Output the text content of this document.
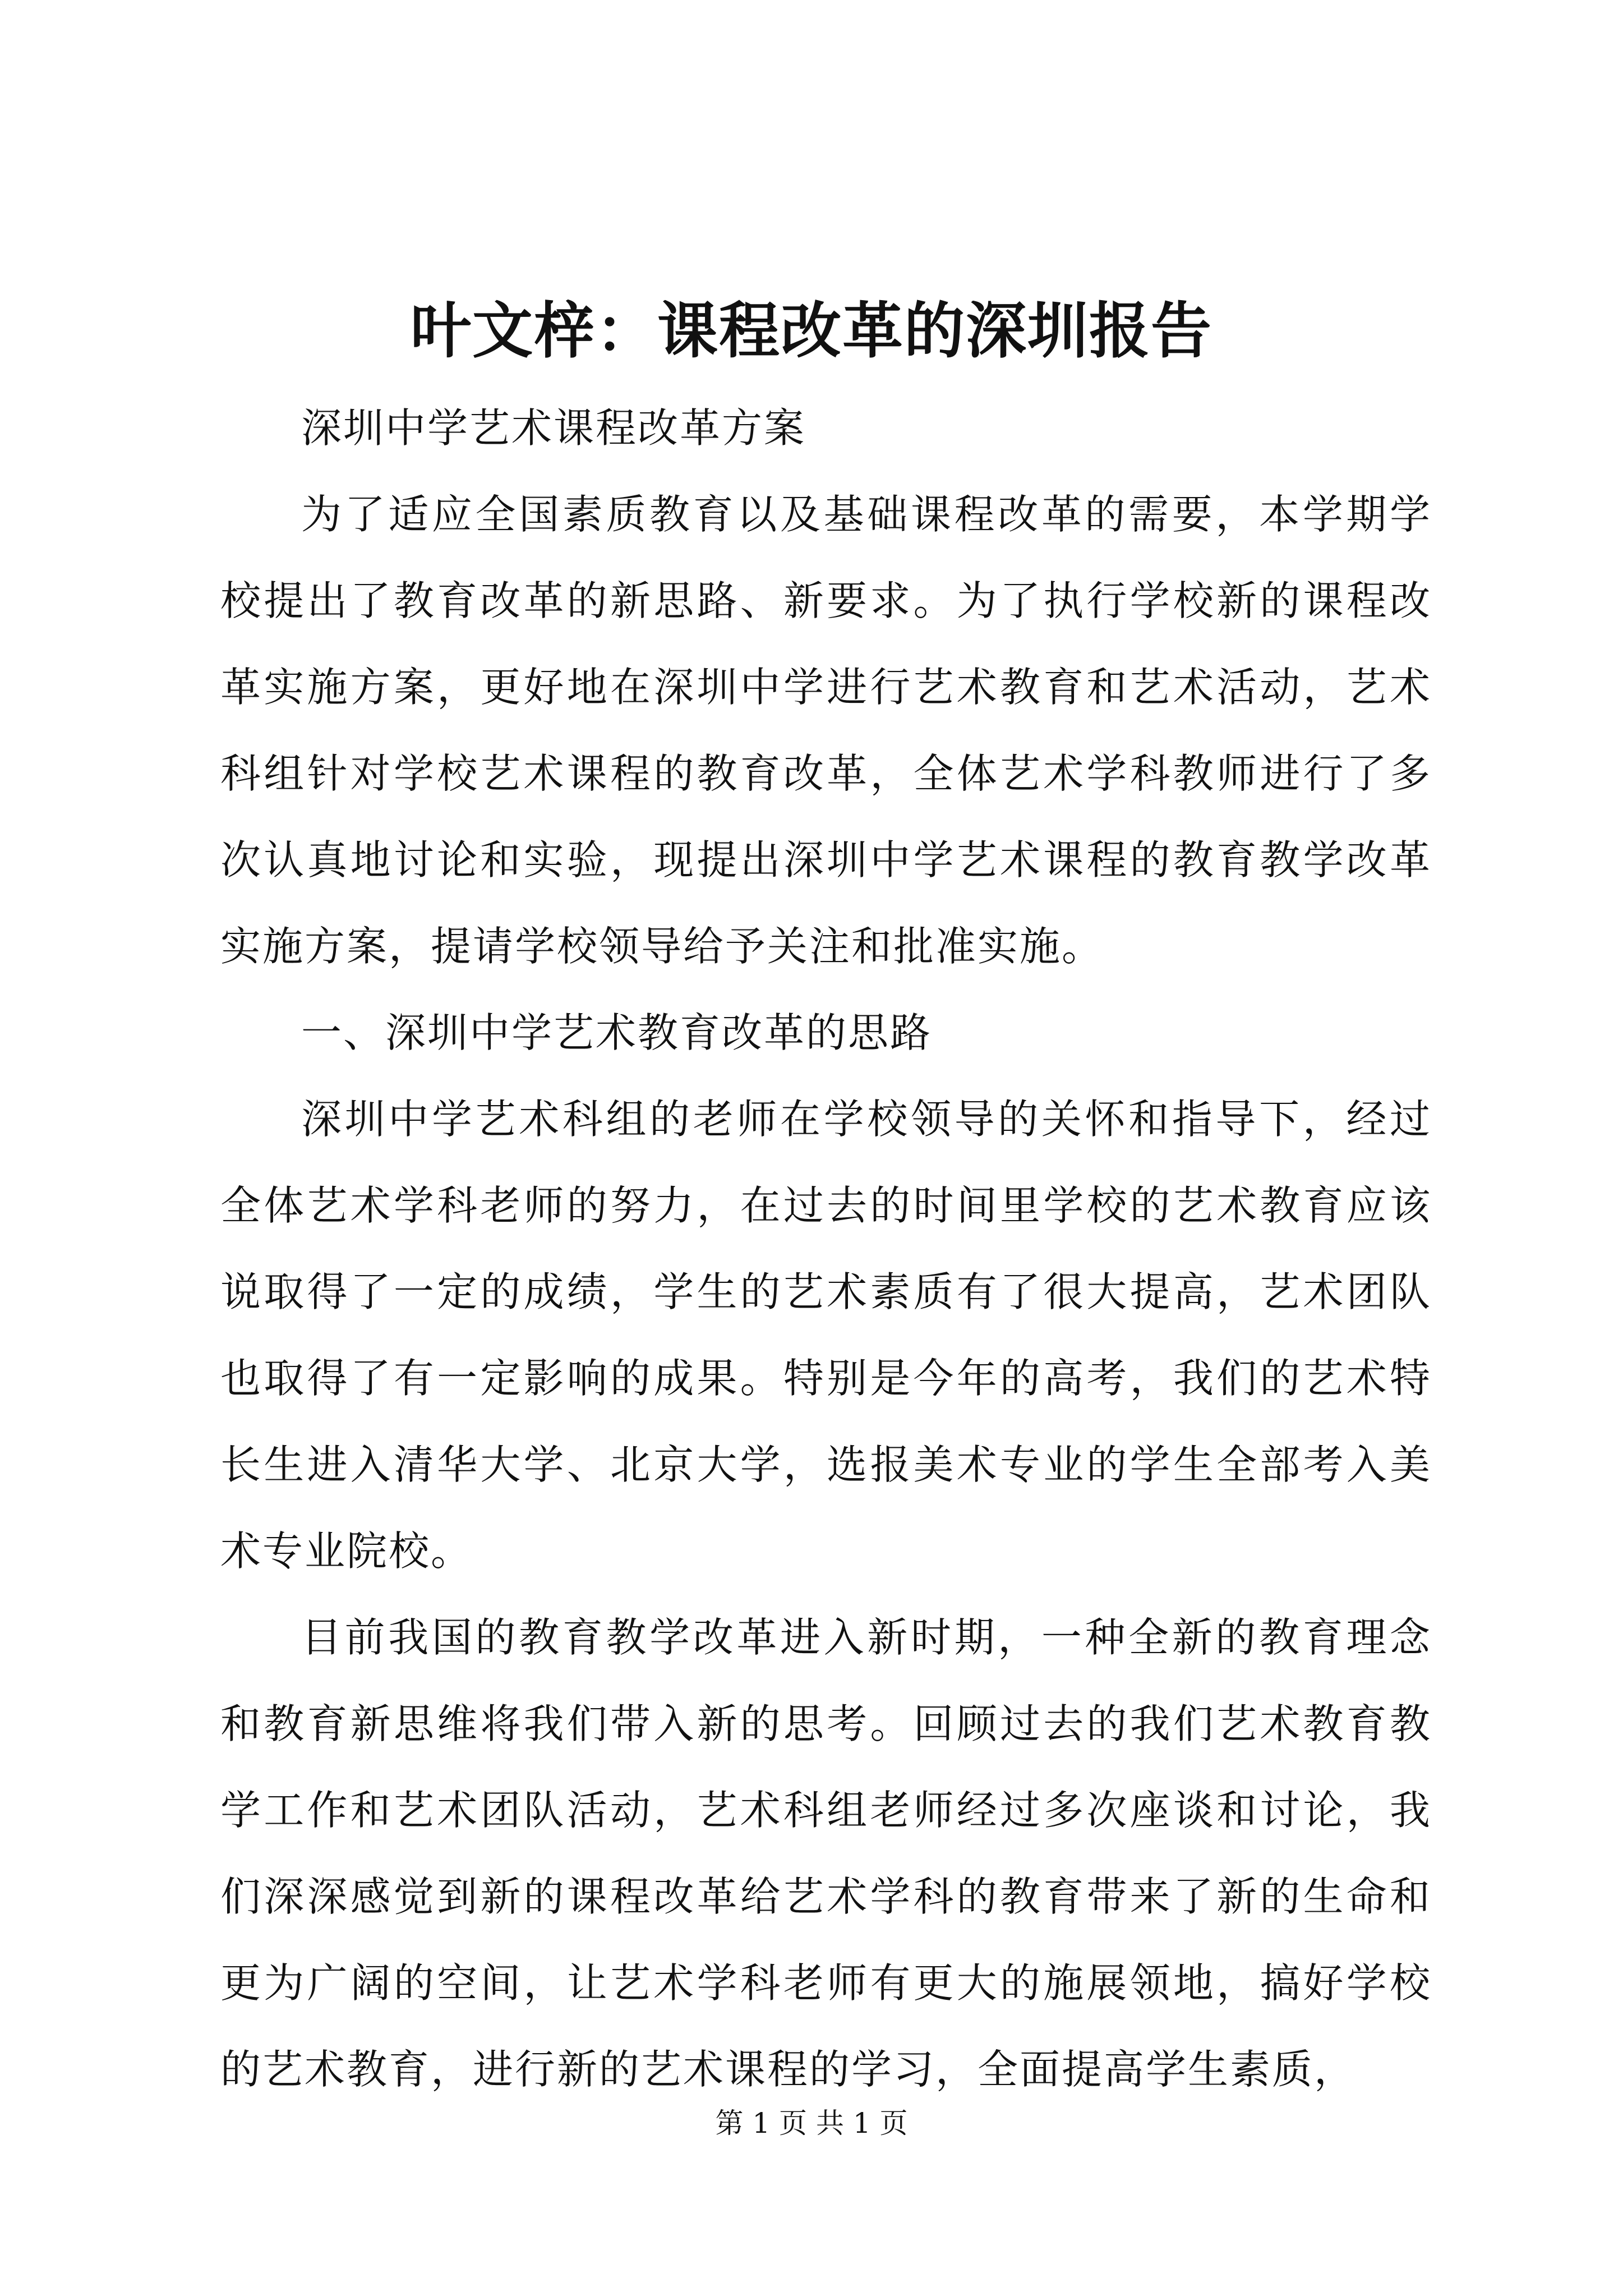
叶文梓：课程改革的深圳报告

深圳中学艺术课程改革方案

为了适应全国素质教育以及基础课程改革的需要，本学期学校提出了教育改革的新思路、新要求。为了执行学校新的课程改革实施方案，更好地在深圳中学进行艺术教育和艺术活动，艺术科组针对学校艺术课程的教育改革，全体艺术学科教师进行了多次认真地讨论和实验，现提出深圳中学艺术课程的教育教学改革实施方案，提请学校领导给予关注和批准实施。

一、深圳中学艺术教育改革的思路

深圳中学艺术科组的老师在学校领导的关怀和指导下，经过全体艺术学科老师的努力，在过去的时间里学校的艺术教育应该说取得了一定的成绩，学生的艺术素质有了很大提高，艺术团队也取得了有一定影响的成果。特别是今年的高考，我们的艺术特长生进入清华大学、北京大学，选报美术专业的学生全部考入美术专业院校。

目前我国的教育教学改革进入新时期，一种全新的教育理念和教育新思维将我们带入新的思考。回顾过去的我们艺术教育教学工作和艺术团队活动，艺术科组老师经过多次座谈和讨论，我们深深感觉到新的课程改革给艺术学科的教育带来了新的生命和更为广阔的空间，让艺术学科老师有更大的施展领地，搞好学校的艺术教育，进行新的艺术课程的学习，全面提高学生素质，

第 1 页 共 1 页
